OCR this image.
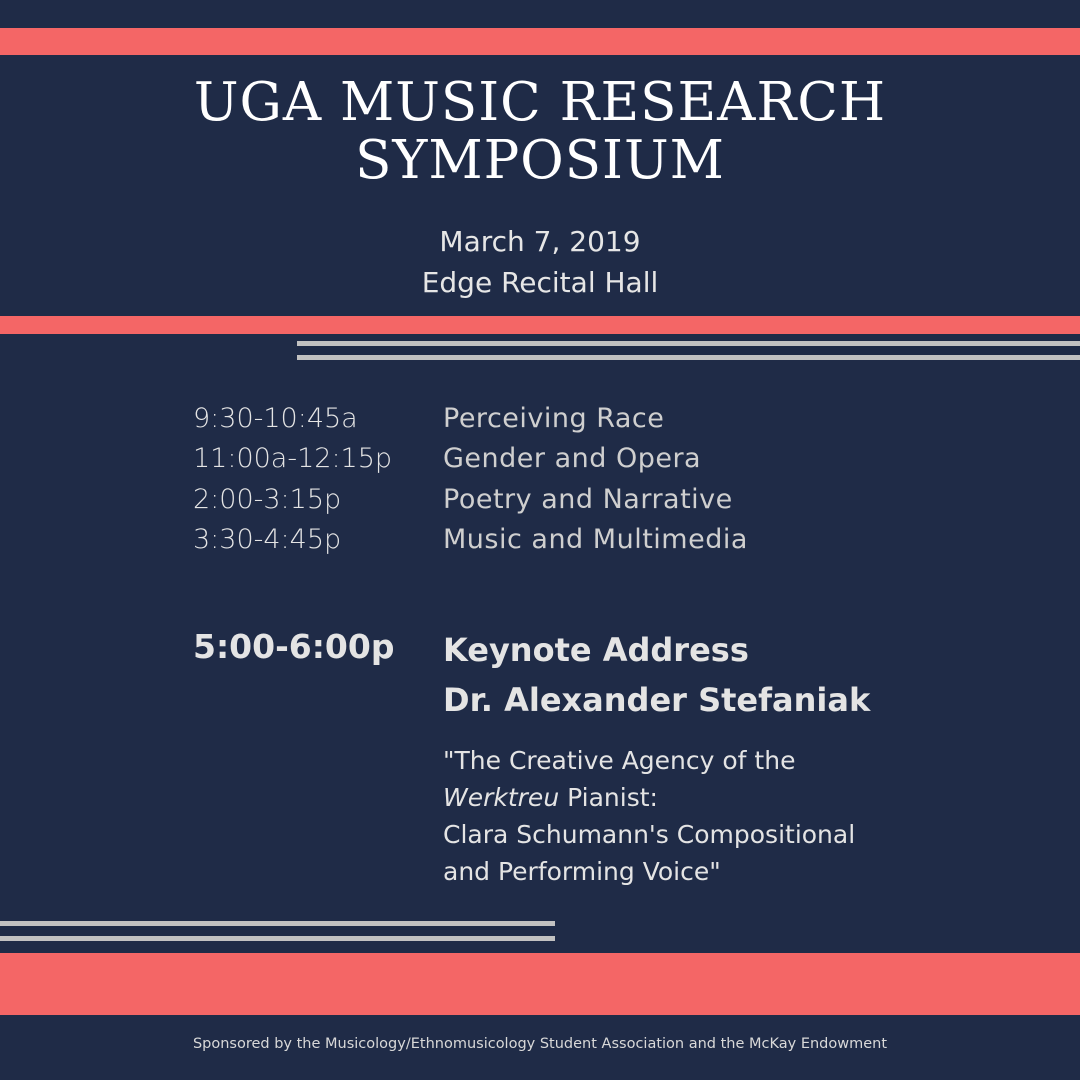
UGA MUSIC RESEARCH
SYMPOSIUM
March 7, 2019
Edge Recital Hall
9:30-10:45a	Perceiving Race
11:00a-12:15p Gender and Opera
2:00-3:15p	Poetry and Narrative
3:30-4:45p	Music and Multimedia
5:00-6:00p Keynote Address
Dr. Alexander Stefaniak
"The Creative Agency of the
Werktreu Pianist:
Clara Schumann's Compositional
and Performing Voice"
Sponsored by the Musicology/Ethnomusicology Student Association and the McKay Endowment
